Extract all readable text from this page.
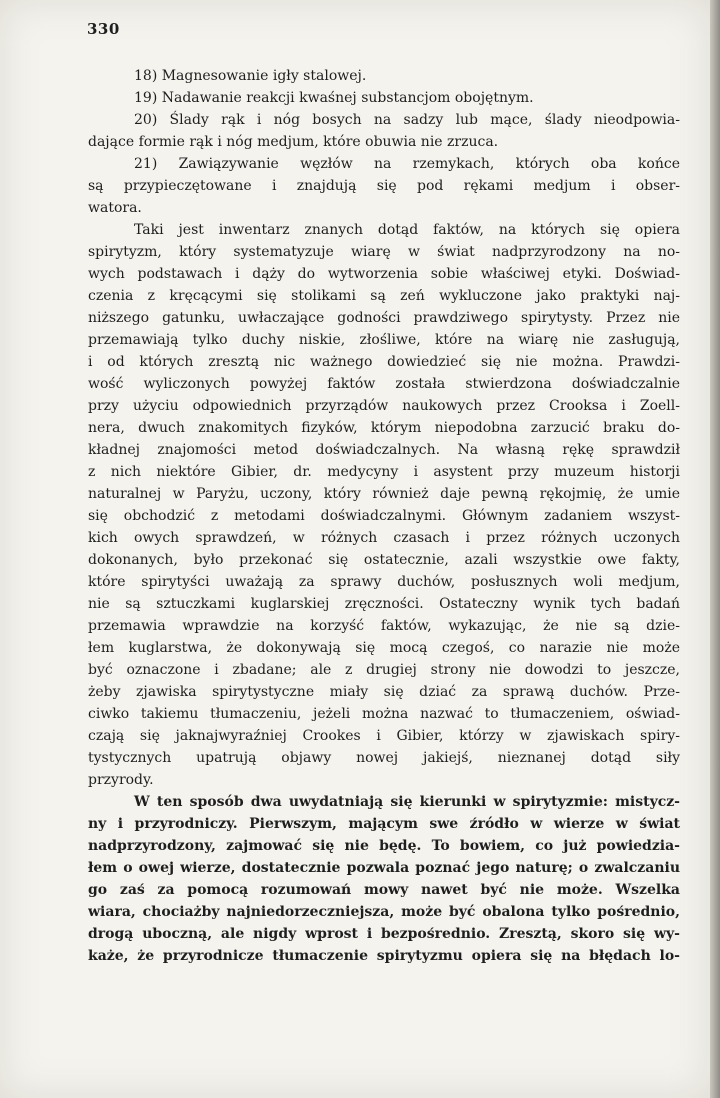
330
18) Magnesowanie igły stalowej.
19) Nadawanie reakcji kwaśnej substancjom obojętnym.
20) Ślady rąk i nóg bosych na sadzy lub mące, ślady nieodpowia-
dające formie rąk i nóg medjum, które obuwia nie zrzuca.
21) Zawiązywanie węzłów na rzemykach, których oba końce
są przypieczętowane i znajdują się pod rękami medjum i obser-
watora.
Taki jest inwentarz znanych dotąd faktów, na których się opiera
spirytyzm, który systematyzuje wiarę w świat nadprzyrodzony na no-
wych podstawach i dąży do wytworzenia sobie właściwej etyki. Doświad-
czenia z kręcącymi się stolikami są zeń wykluczone jako praktyki naj-
niższego gatunku, uwłaczające godności prawdziwego spirytysty. Przez nie
przemawiają tylko duchy niskie, złośliwe, które na wiarę nie zasługują,
i od których zresztą nic ważnego dowiedzieć się nie można. Prawdzi-
wość wyliczonych powyżej faktów została stwierdzona doświadczalnie
przy użyciu odpowiednich przyrządów naukowych przez Crooksa i Zoell-
nera, dwuch znakomitych fizyków, którym niepodobna zarzucić braku do-
kładnej znajomości metod doświadczalnych. Na własną rękę sprawdził
z nich niektóre Gibier, dr. medycyny i asystent przy muzeum historji
naturalnej w Paryżu, uczony, który również daje pewną rękojmię, że umie
się obchodzić z metodami doświadczalnymi. Głównym zadaniem wszyst-
kich owych sprawdzeń, w różnych czasach i przez różnych uczonych
dokonanych, było przekonać się ostatecznie, azali wszystkie owe fakty,
które spirytyści uważają za sprawy duchów, posłusznych woli medjum,
nie są sztuczkami kuglarskiej zręczności. Ostateczny wynik tych badań
przemawia wprawdzie na korzyść faktów, wykazując, że nie są dzie-
łem kuglarstwa, że dokonywają się mocą czegoś, co narazie nie może
być oznaczone i zbadane; ale z drugiej strony nie dowodzi to jeszcze,
żeby zjawiska spirytystyczne miały się dziać za sprawą duchów. Prze-
ciwko takiemu tłumaczeniu, jeżeli można nazwać to tłumaczeniem, oświad-
czają się jaknajwyraźniej Crookes i Gibier, którzy w zjawiskach spiry-
tystycznych upatrują objawy nowej jakiejś, nieznanej dotąd siły
przyrody.
W ten sposób dwa uwydatniają się kierunki w spirytyzmie: mistycz-
ny i przyrodniczy. Pierwszym, mającym swe źródło w wierze w świat
nadprzyrodzony, zajmować się nie będę. To bowiem, co już powiedzia-
łem o owej wierze, dostatecznie pozwala poznać jego naturę; o zwalczaniu
go zaś za pomocą rozumowań mowy nawet być nie może. Wszelka
wiara, chociażby najniedorzeczniejsza, może być obalona tylko pośrednio,
drogą uboczną, ale nigdy wprost i bezpośrednio. Zresztą, skoro się wy-
każe, że przyrodnicze tłumaczenie spirytyzmu opiera się na błędach lo-
